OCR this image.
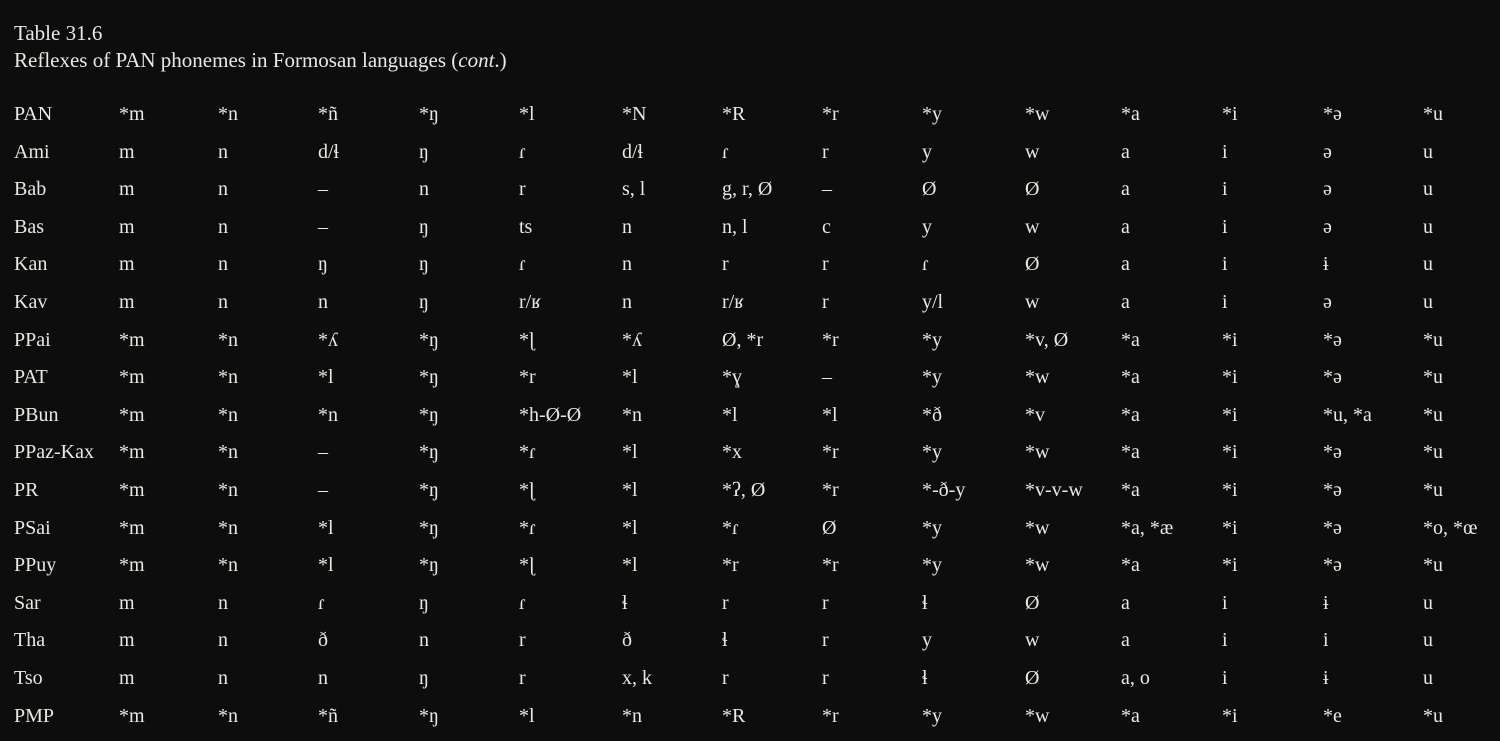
Table 31.6
Reflexes of PAN phonemes in Formosan languages (cont.)
PAN	*m	*n	*ñ	*ŋ	*l	*N	*R	*r	*y	*w	*a	*i	*ə	*u
Ami	m	n	d/ɬ	ŋ	ɾ	d/ɬ	ɾ	r	y	w	a	i	ə	u
Bab	m	n	–	n	r	s, l	g, r, Ø	–	Ø	Ø	a	i	ə	u
Bas	m	n	–	ŋ	ts	n	n, l	c	y	w	a	i	ə	u
Kan	m	n	ŋ	ŋ	ɾ	n	r	r	ɾ	Ø	a	i	ɨ	u
Kav	m	n	n	ŋ	r/ʁ	n	r/ʁ	r	y/l	w	a	i	ə	u
PPai	*m	*n	*ʎ	*ŋ	*ɭ	*ʎ	Ø, *r	*r	*y	*v, Ø	*a	*i	*ə	*u
PAT	*m	*n	*l	*ŋ	*r	*l	*ɣ	–	*y	*w	*a	*i	*ə	*u
PBun	*m	*n	*n	*ŋ	*h-Ø-Ø	*n	*l	*l	*ð	*v	*a	*i	*u, *a	*u
PPaz-Kax	*m	*n	–	*ŋ	*ɾ	*l	*x	*r	*y	*w	*a	*i	*ə	*u
PR	*m	*n	–	*ŋ	*ɭ	*l	*ʔ, Ø	*r	*-ð-y	*v-v-w	*a	*i	*ə	*u
PSai	*m	*n	*l	*ŋ	*ɾ	*l	*ɾ	Ø	*y	*w	*a, *æ	*i	*ə	*o, *œ
PPuy	*m	*n	*l	*ŋ	*ɭ	*l	*r	*r	*y	*w	*a	*i	*ə	*u
Sar	m	n	ɾ	ŋ	ɾ	ɬ	r	r	ɬ	Ø	a	i	ɨ	u
Tha	m	n	ð	n	r	ð	ɬ	r	y	w	a	i	i	u
Tso	m	n	n	ŋ	r	x, k	r	r	ɬ	Ø	a, o	i	ɨ	u
PMP	*m	*n	*ñ	*ŋ	*l	*n	*R	*r	*y	*w	*a	*i	*e	*u
